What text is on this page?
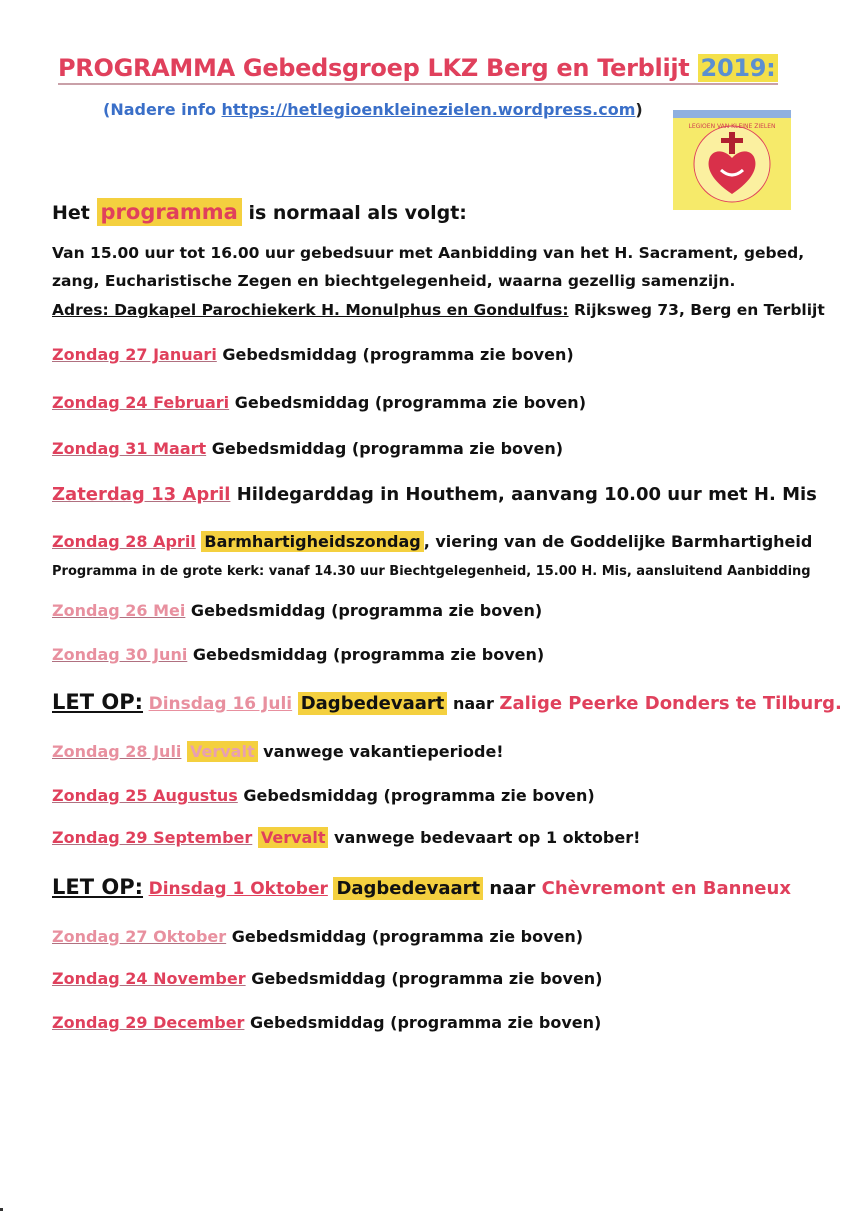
PROGRAMMA Gebedsgroep LKZ Berg en Terblijt 2019:
(Nadere info https://hetlegioenkleinezielen.wordpress.com)
LEGIOEN VAN KLEINE ZIELEN
Het programma is normaal als volgt:
Van 15.00 uur tot 16.00 uur gebedsuur met Aanbidding van het H. Sacrament, gebed,
zang, Eucharistische Zegen en biechtgelegenheid, waarna gezellig samenzijn.
Adres: Dagkapel Parochiekerk H. Monulphus en Gondulfus: Rijksweg 73, Berg en Terblijt
Zondag 27 Januari Gebedsmiddag (programma zie boven)
Zondag 24 Februari Gebedsmiddag (programma zie boven)
Zondag 31 Maart Gebedsmiddag (programma zie boven)
Zaterdag 13 April Hildegarddag in Houthem, aanvang 10.00 uur met H. Mis
Zondag 28 April Barmhartigheidszondag , viering van de Goddelijke Barmhartigheid
Programma in de grote kerk: vanaf 14.30 uur Biechtgelegenheid, 15.00 H. Mis, aansluitend Aanbidding
Zondag 26 Mei Gebedsmiddag (programma zie boven)
Zondag 30 Juni Gebedsmiddag (programma zie boven)
LET OP: Dinsdag 16 Juli Dagbedevaart naar Zalige Peerke Donders te Tilburg.
Zondag 28 Juli Vervalt vanwege vakantieperiode!
Zondag 25 Augustus Gebedsmiddag (programma zie boven)
Zondag 29 September Vervalt vanwege bedevaart op 1 oktober!
LET OP: Dinsdag 1 Oktober Dagbedevaart naar Chèvremont en Banneux
Zondag 27 Oktober Gebedsmiddag (programma zie boven)
Zondag 24 November Gebedsmiddag (programma zie boven)
Zondag 29 December Gebedsmiddag (programma zie boven)
